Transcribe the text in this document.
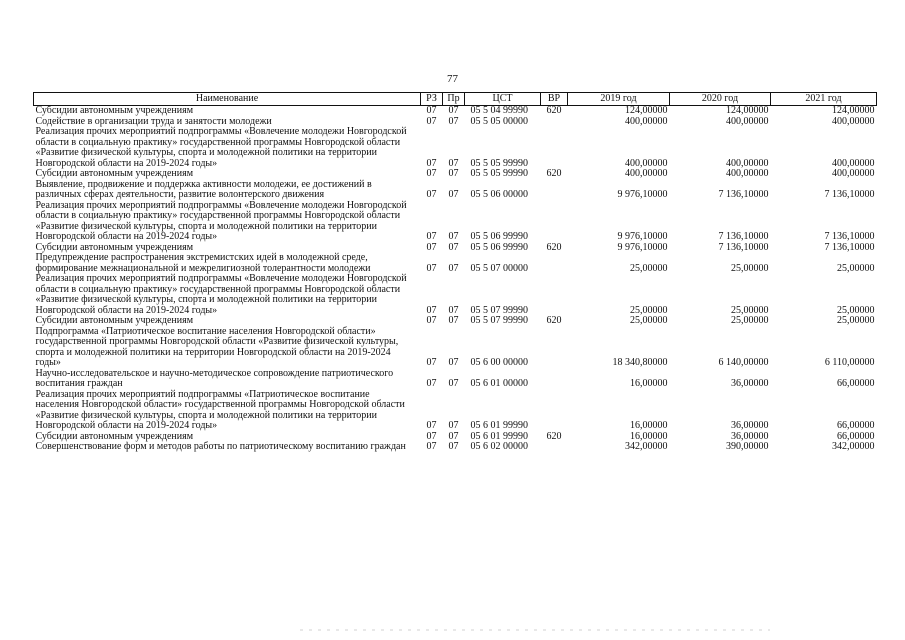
77
Наименование	РЗ	Пр	ЦСТ	ВР	2019 год	2020 год	2021 год
Субсидии автономным учреждениям	07	07	05 5 04 99990	620	124,00000	124,00000	124,00000
Содействие в организации труда и занятости молодежи	07	07	05 5 05 00000		400,00000	400,00000	400,00000
Реализация прочих мероприятий подпрограммы «Вовлечение молодежи Новгородской области в социальную практику» государственной программы Новгородской области «Развитие физической культуры, спорта и молодежной политики на территории Новгородской области на 2019-2024 годы»	07	07	05 5 05 99990		400,00000	400,00000	400,00000
Субсидии автономным учреждениям	07	07	05 5 05 99990	620	400,00000	400,00000	400,00000
Выявление, продвижение и поддержка активности молодежи, ее достижений в различных сферах деятельности, развитие волонтерского движения	07	07	05 5 06 00000		9 976,10000	7 136,10000	7 136,10000
Реализация прочих мероприятий подпрограммы «Вовлечение молодежи Новгородской области в социальную практику» государственной программы Новгородской области «Развитие физической культуры, спорта и молодежной политики на территории Новгородской области на 2019-2024 годы»	07	07	05 5 06 99990		9 976,10000	7 136,10000	7 136,10000
Субсидии автономным учреждениям	07	07	05 5 06 99990	620	9 976,10000	7 136,10000	7 136,10000
Предупреждение распространения экстремистских идей в молодежной среде, формирование межнациональной и межрелигиозной толерантности молодежи	07	07	05 5 07 00000		25,00000	25,00000	25,00000
Реализация прочих мероприятий подпрограммы «Вовлечение молодежи Новгородской области в социальную практику» государственной программы Новгородской области «Развитие физической культуры, спорта и молодежной политики на территории Новгородской области на 2019-2024 годы»	07	07	05 5 07 99990		25,00000	25,00000	25,00000
Субсидии автономным учреждениям	07	07	05 5 07 99990	620	25,00000	25,00000	25,00000
Подпрограмма «Патриотическое воспитание населения Новгородской области» государственной программы Новгородской области «Развитие физической культуры, спорта и молодежной политики на территории Новгородской области на 2019-2024 годы»	07	07	05 6 00 00000		18 340,80000	6 140,00000	6 110,00000
Научно-исследовательское и научно-методическое сопровождение патриотического воспитания граждан	07	07	05 6 01 00000		16,00000	36,00000	66,00000
Реализация прочих мероприятий подпрограммы «Патриотическое воспитание населения Новгородской области» государственной программы Новгородской области «Развитие физической культуры, спорта и молодежной политики на территории Новгородской области на 2019-2024 годы»	07	07	05 6 01 99990		16,00000	36,00000	66,00000
Субсидии автономным учреждениям	07	07	05 6 01 99990	620	16,00000	36,00000	66,00000
Совершенствование форм и методов работы по патриотическому воспитанию граждан	07	07	05 6 02 00000		342,00000	390,00000	342,00000
